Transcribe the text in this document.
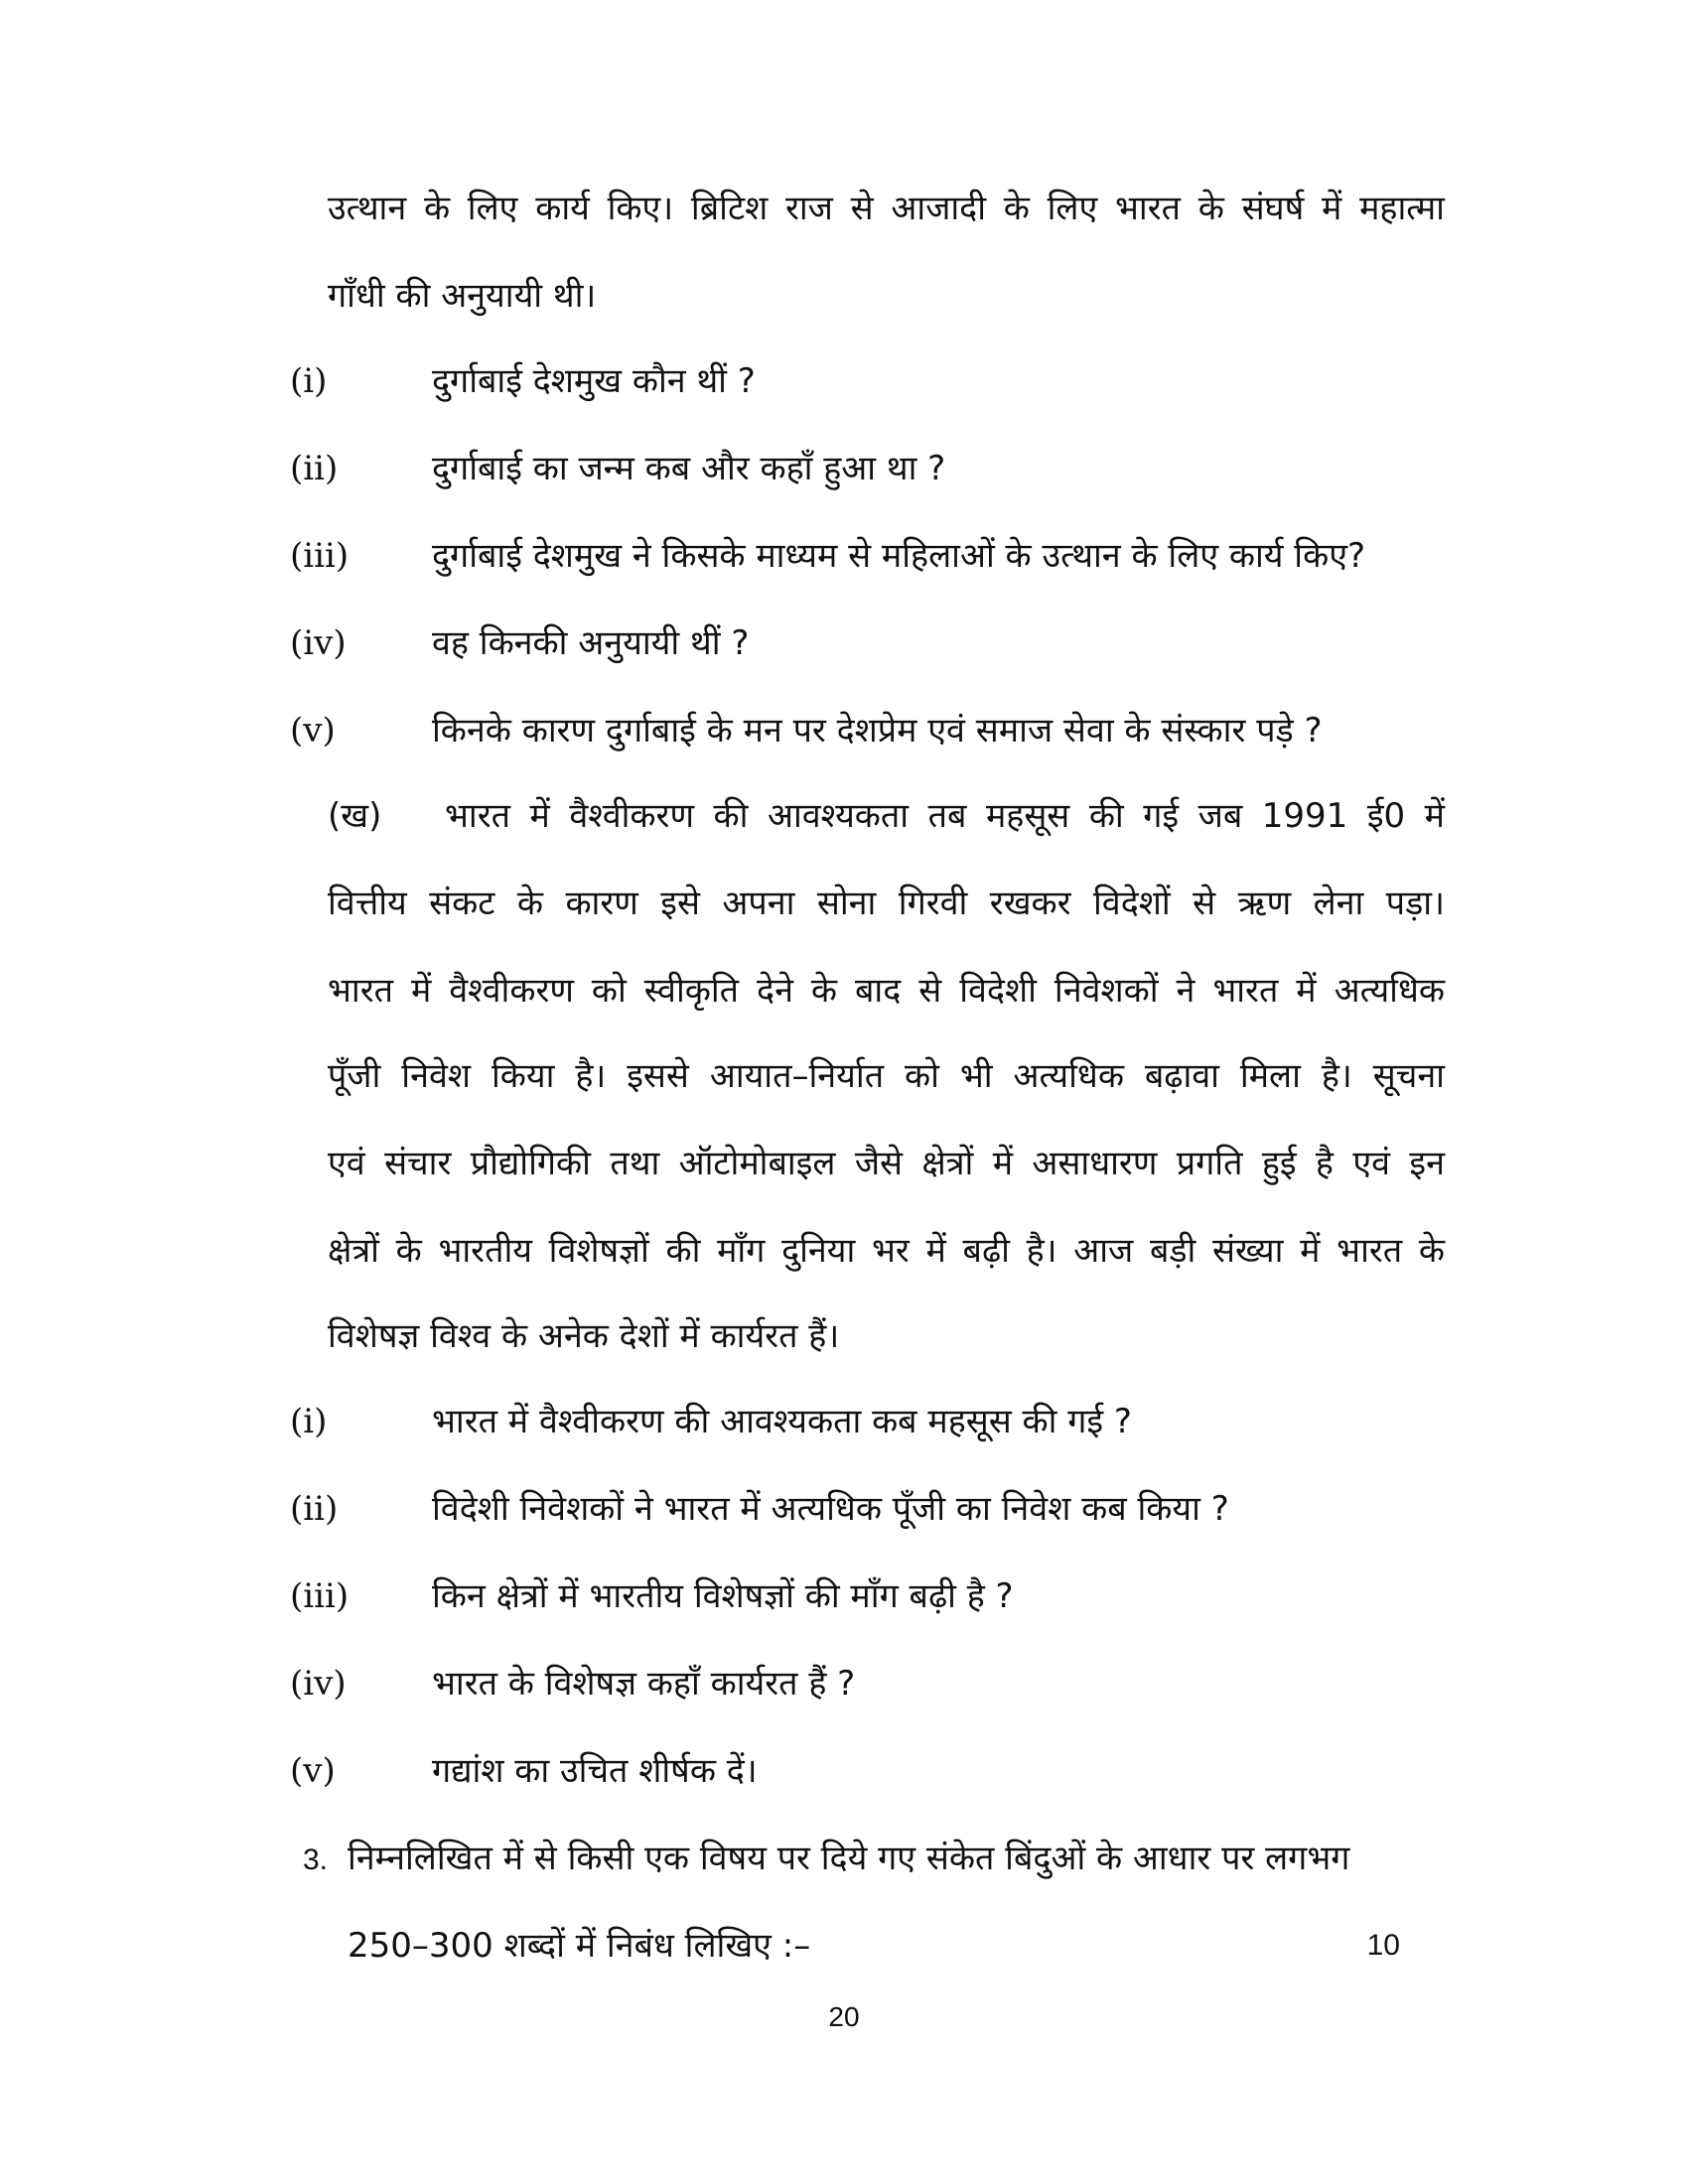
उत्थान के लिए कार्य किए। ब्रिटिश राज से आजादी के लिए भारत के संघर्ष में महात्मा
गाँधी की अनुयायी थी।
(i)	दुर्गाबाई देशमुख कौन थीं ?
(ii)	दुर्गाबाई का जन्म कब और कहाँ हुआ था ?
(iii) दुर्गाबाई देशमुख ने किसके माध्यम से महिलाओं के उत्थान के लिए कार्य किए?
(iv)	वह किनकी अनुयायी थीं ?
(v)	किनके कारण दुर्गाबाई के मन पर देशप्रेम एवं समाज सेवा के संस्कार पड़े ?
(ख) भारत में वैश्वीकरण की आवश्यकता तब महसूस की गई जब 1991 ई0 में
वित्तीय संकट के कारण इसे अपना सोना गिरवी रखकर विदेशों से ऋण लेना पड़ा।
भारत में वैश्वीकरण को स्वीकृति देने के बाद से विदेशी निवेशकों ने भारत में अत्यधिक
पूँजी निवेश किया है। इससे आयात–निर्यात को भी अत्यधिक बढ़ावा मिला है। सूचना
एवं संचार प्रौद्योगिकी तथा ऑटोमोबाइल जैसे क्षेत्रों में असाधारण प्रगति हुई है एवं इन
क्षेत्रों के भारतीय विशेषज्ञों की माँग दुनिया भर में बढ़ी है। आज बड़ी संख्या में भारत के
विशेषज्ञ विश्व के अनेक देशों में कार्यरत हैं।
(i)	भारत में वैश्वीकरण की आवश्यकता कब महसूस की गई ?
(ii)	विदेशी निवेशकों ने भारत में अत्यधिक पूँजी का निवेश कब किया ?
(iii) किन क्षेत्रों में भारतीय विशेषज्ञों की माँग बढ़ी है ?
(iv)	भारत के विशेषज्ञ कहाँ कार्यरत हैं ?
(v)	गद्यांश का उचित शीर्षक दें।
3. निम्नलिखित में से किसी एक विषय पर दिये गए संकेत बिंदुओं के आधार पर लगभग
250–300 शब्दों में निबंध लिखिए :–	10
20
